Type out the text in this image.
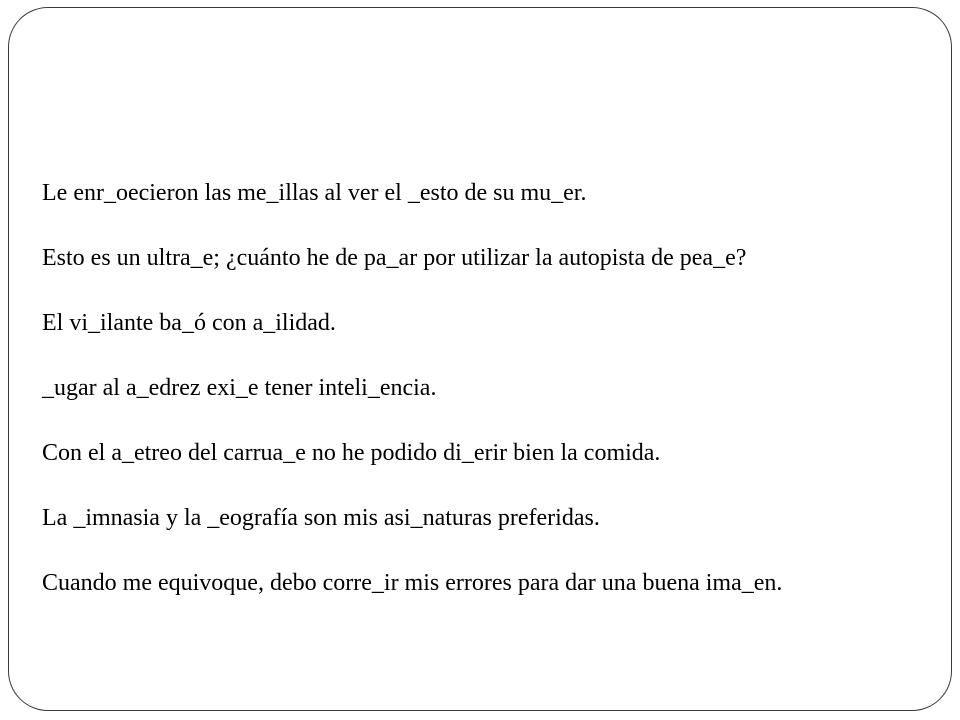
Le enr_oecieron las me_illas al ver el _esto de su mu_er.
Esto es un ultra_e; ¿cuánto he de pa_ar por utilizar la autopista de pea_e?
El vi_ilante ba_ó con a_ilidad.
_ugar al a_edrez exi_e tener inteli_encia.
Con el a_etreo del carrua_e no he podido di_erir bien la comida.
La _imnasia y la _eografía son mis asi_naturas preferidas.
Cuando me equivoque, debo corre_ir mis errores para dar una buena ima_en.
